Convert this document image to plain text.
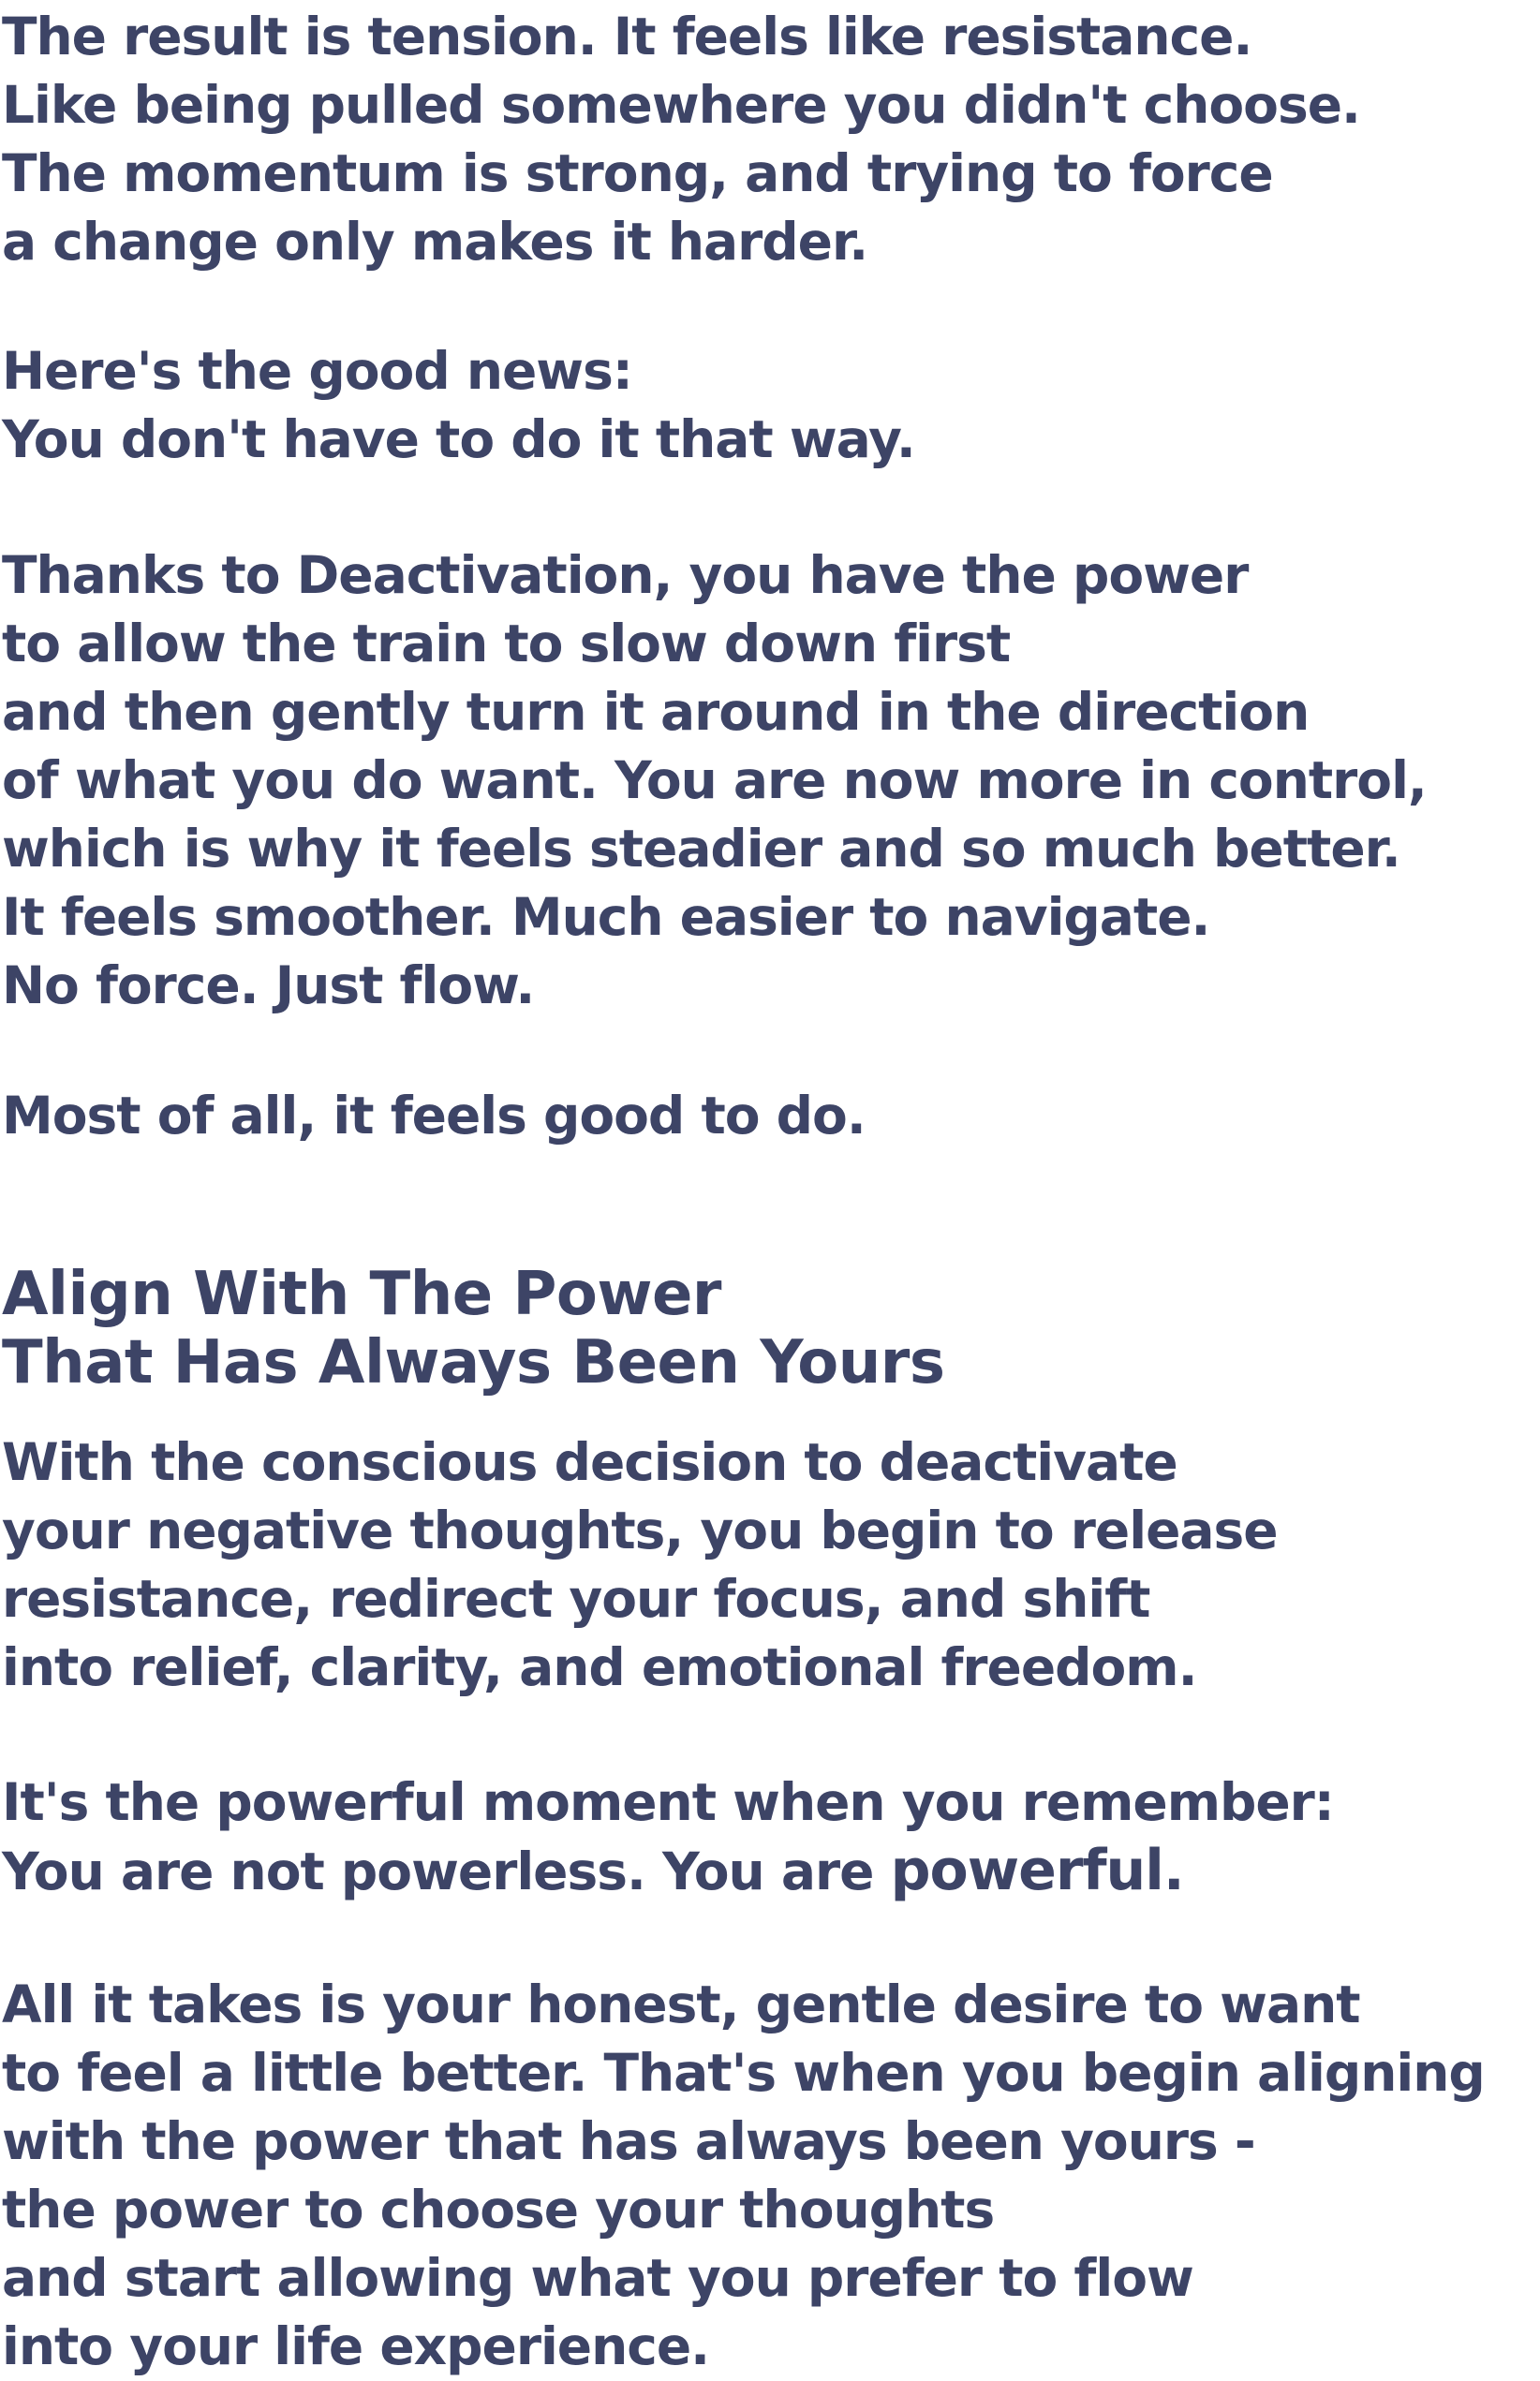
The result is tension. It feels like resistance.
Like being pulled somewhere you didn't choose.
The momentum is strong, and trying to force
a change only makes it harder.

Here's the good news:
You don't have to do it that way.

Thanks to Deactivation, you have the power
to allow the train to slow down first
and then gently turn it around in the direction
of what you do want. You are now more in control,
which is why it feels steadier and so much better.
It feels smoother. Much easier to navigate.
No force. Just flow.

Most of all, it feels good to do.

Align With The Power
That Has Always Been Yours

With the conscious decision to deactivate
your negative thoughts, you begin to release
resistance, redirect your focus, and shift
into relief, clarity, and emotional freedom.

It's the powerful moment when you remember:
You are not powerless. You are powerful.

All it takes is your honest, gentle desire to want
to feel a little better. That's when you begin aligning
with the power that has always been yours -
the power to choose your thoughts
and start allowing what you prefer to flow
into your life experience.
